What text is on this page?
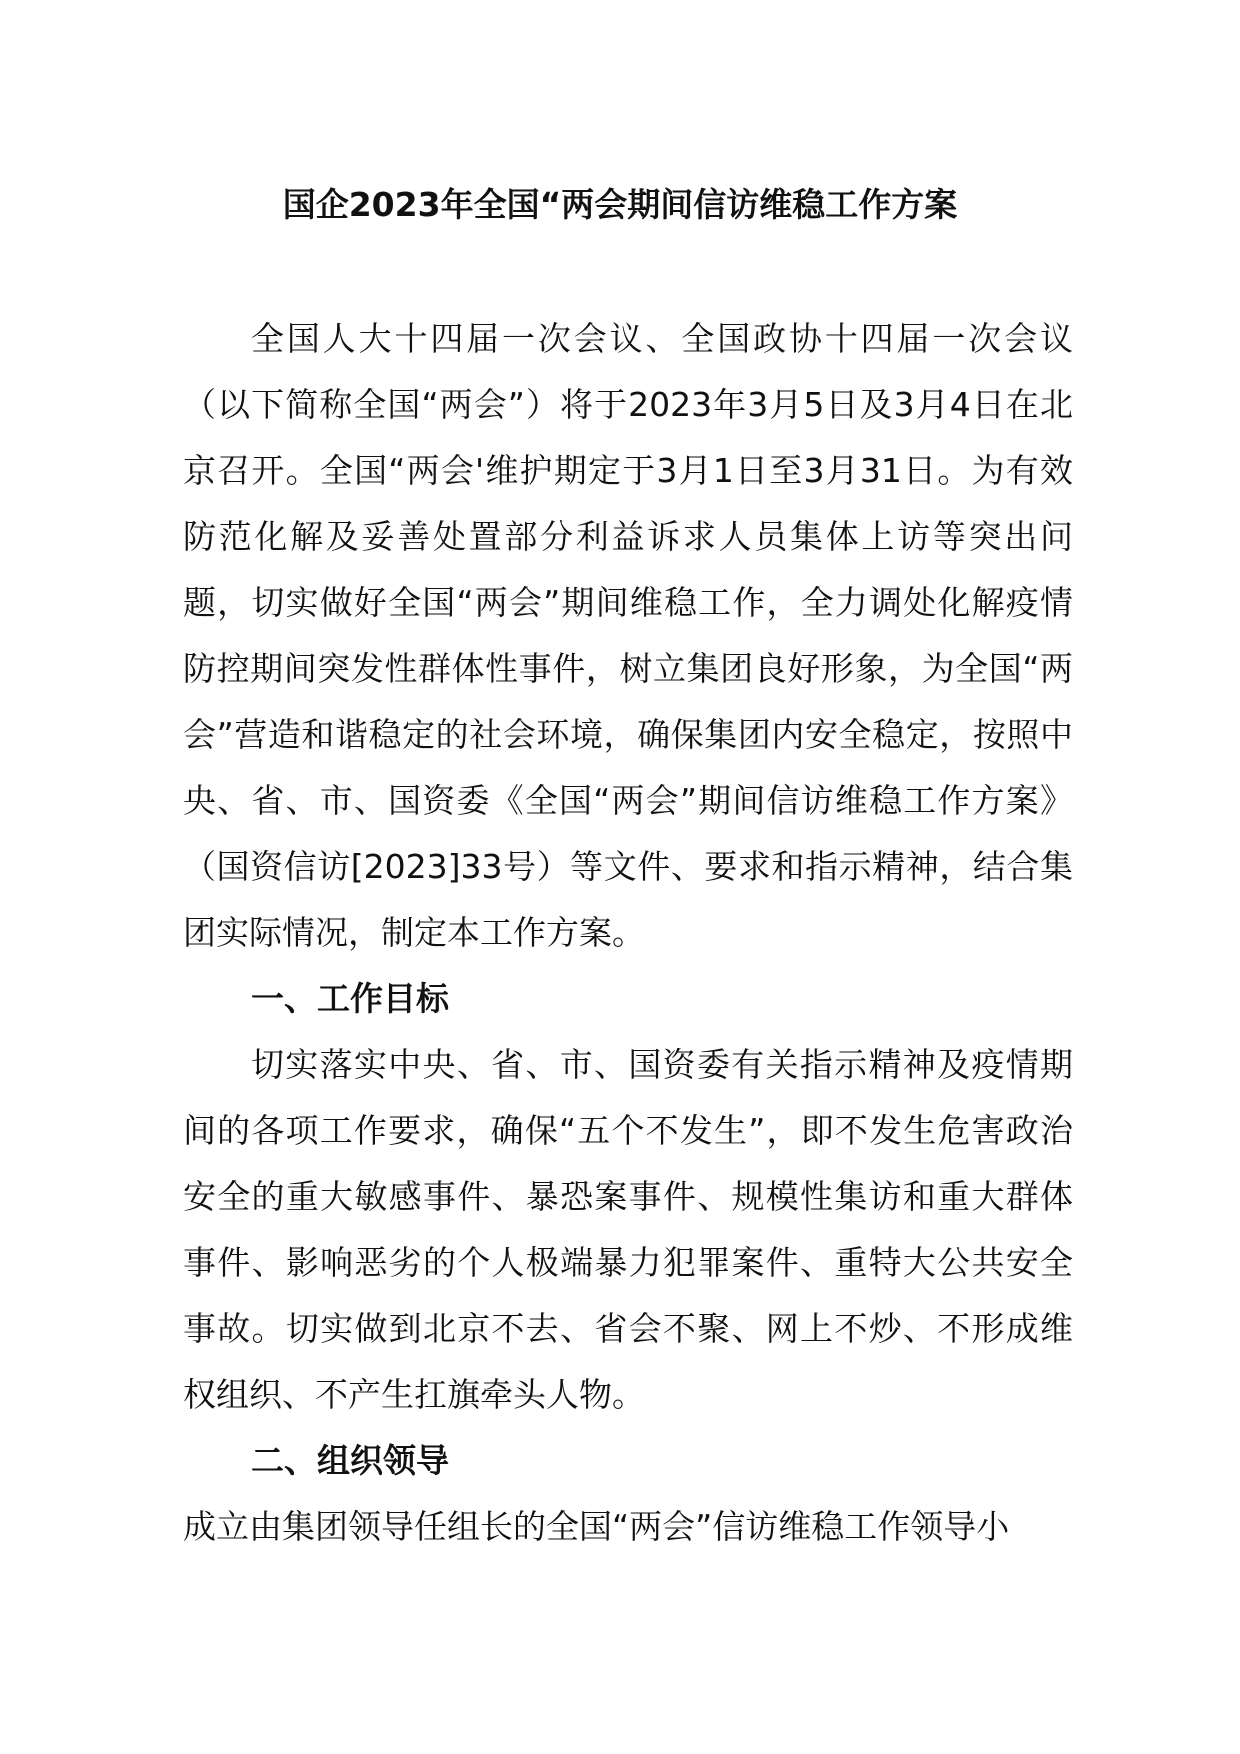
国企2023年全国“两会期间信访维稳工作方案

全国人大十四届一次会议、全国政协十四届一次会议（以下简称全国“两会”）将于2023年3月5日及3月4日在北京召开。全国“两会'维护期定于3月1日至3月31日。为有效防范化解及妥善处置部分利益诉求人员集体上访等突出问题，切实做好全国“两会”期间维稳工作，全力调处化解疫情防控期间突发性群体性事件，树立集团良好形象，为全国“两会”营造和谐稳定的社会环境，确保集团内安全稳定，按照中央、省、市、国资委《全国“两会”期间信访维稳工作方案》（国资信访[2023]33号）等文件、要求和指示精神，结合集团实际情况，制定本工作方案。

一、工作目标

切实落实中央、省、市、国资委有关指示精神及疫情期间的各项工作要求，确保“五个不发生”，即不发生危害政治安全的重大敏感事件、暴恐案事件、规模性集访和重大群体事件、影响恶劣的个人极端暴力犯罪案件、重特大公共安全事故。切实做到北京不去、省会不聚、网上不炒、不形成维权组织、不产生扛旗牵头人物。

二、组织领导

成立由集团领导任组长的全国“两会”信访维稳工作领导小
